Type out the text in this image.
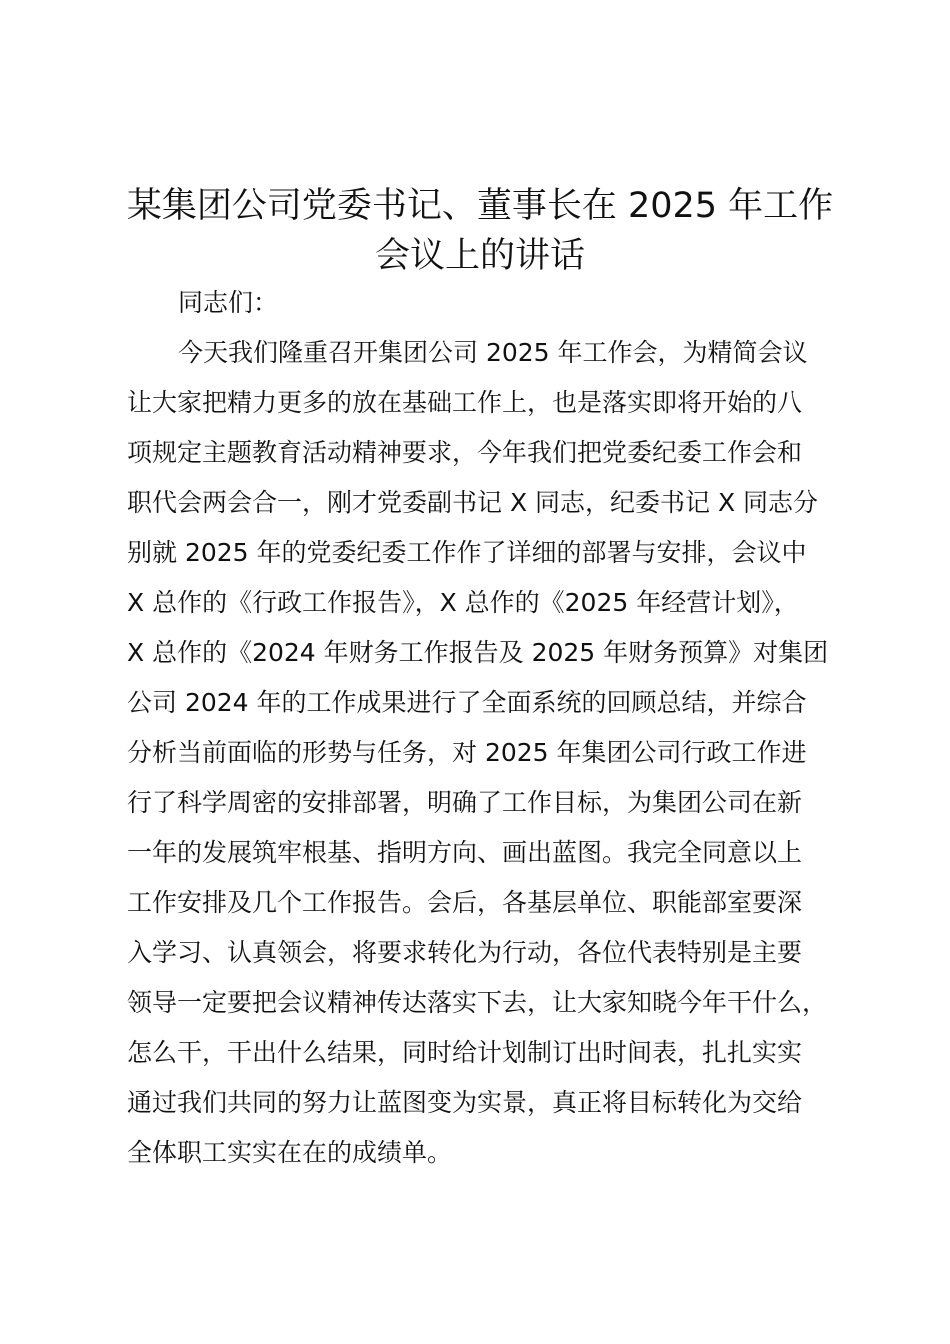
某集团公司党委书记、董事长在 2025 年工作
会议上的讲话

同志们：

今天我们隆重召开集团公司 2025 年工作会，为精简会议

让大家把精力更多的放在基础工作上，也是落实即将开始的八

项规定主题教育活动精神要求，今年我们把党委纪委工作会和

职代会两会合一，刚才党委副书记 X 同志，纪委书记 X 同志分

别就 2025 年的党委纪委工作作了详细的部署与安排，会议中

X 总作的《行政工作报告》，X 总作的《2025 年经营计划》，

X 总作的《2024 年财务工作报告及 2025 年财务预算》对集团

公司 2024 年的工作成果进行了全面系统的回顾总结，并综合

分析当前面临的形势与任务，对 2025 年集团公司行政工作进

行了科学周密的安排部署，明确了工作目标，为集团公司在新

一年的发展筑牢根基、指明方向、画出蓝图。我完全同意以上

工作安排及几个工作报告。会后，各基层单位、职能部室要深

入学习、认真领会，将要求转化为行动，各位代表特别是主要

领导一定要把会议精神传达落实下去，让大家知晓今年干什么，

怎么干，干出什么结果，同时给计划制订出时间表，扎扎实实

通过我们共同的努力让蓝图变为实景，真正将目标转化为交给

全体职工实实在在的成绩单。
